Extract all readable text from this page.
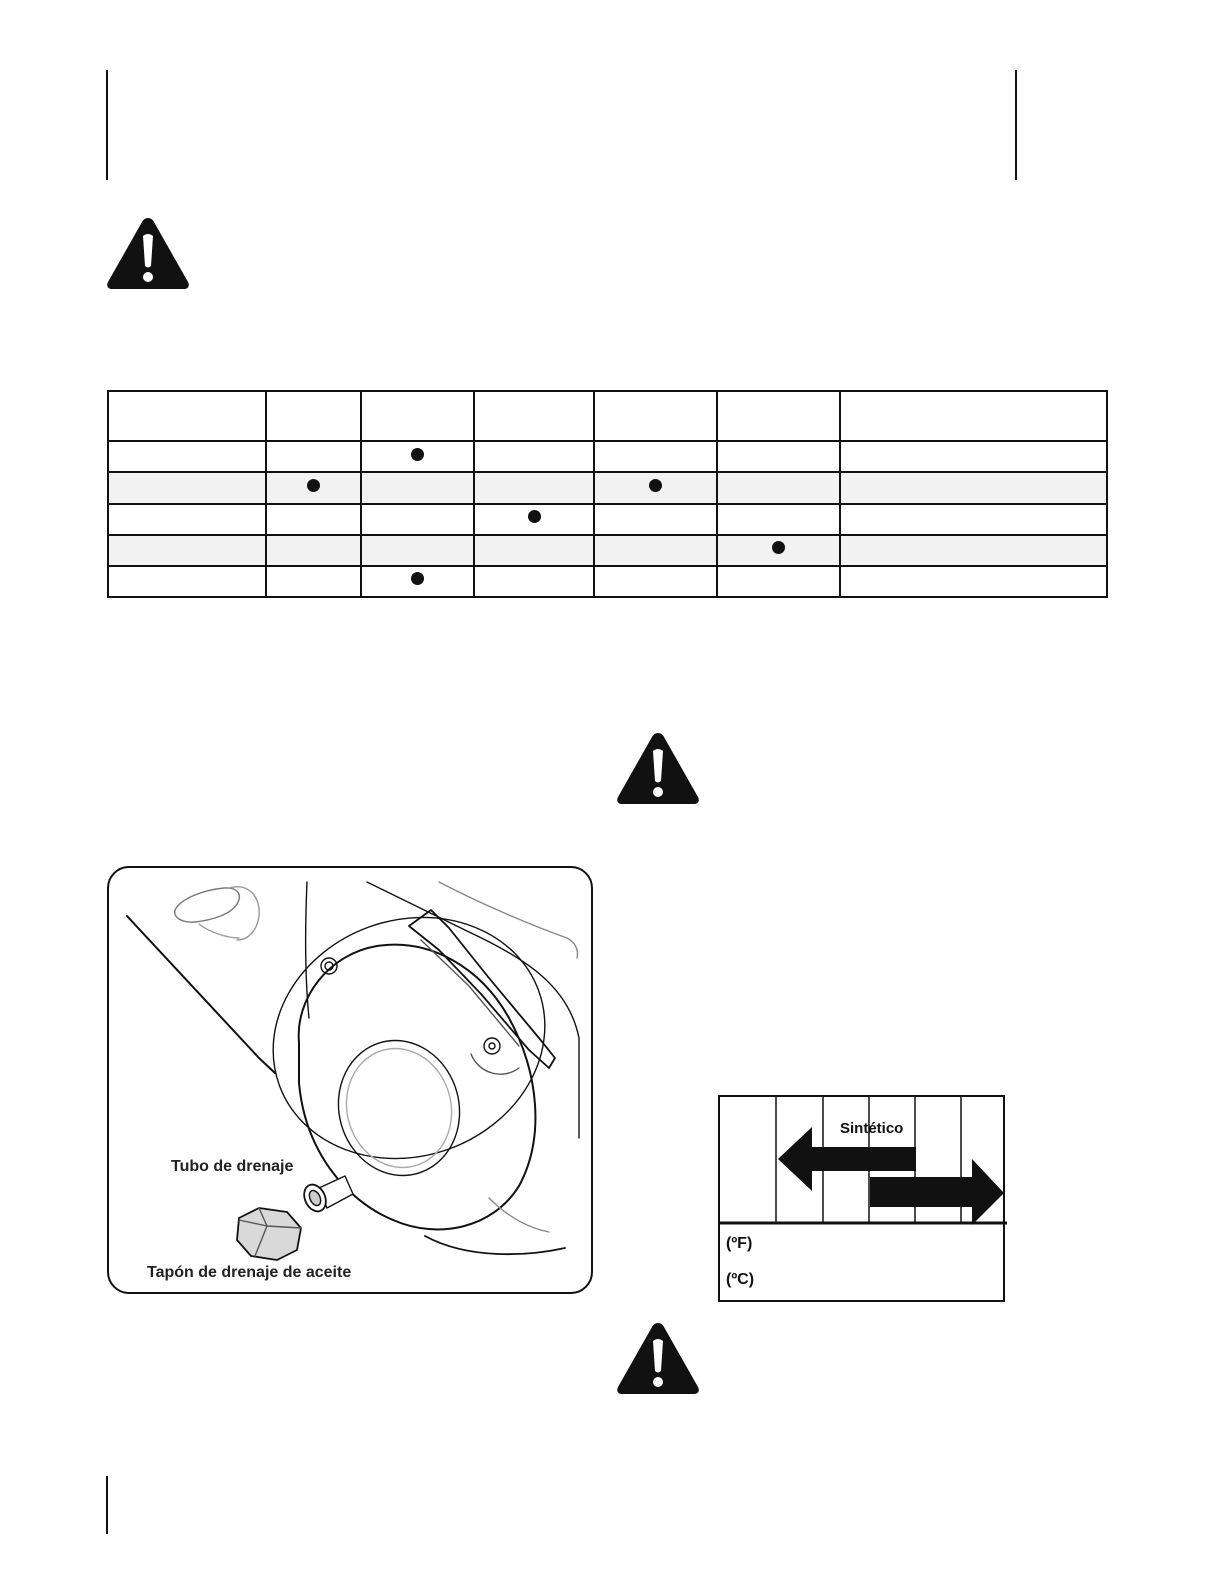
Tubo de drenaje
Tapón de drenaje de aceite
Sintético
(ºF)
(ºC)
